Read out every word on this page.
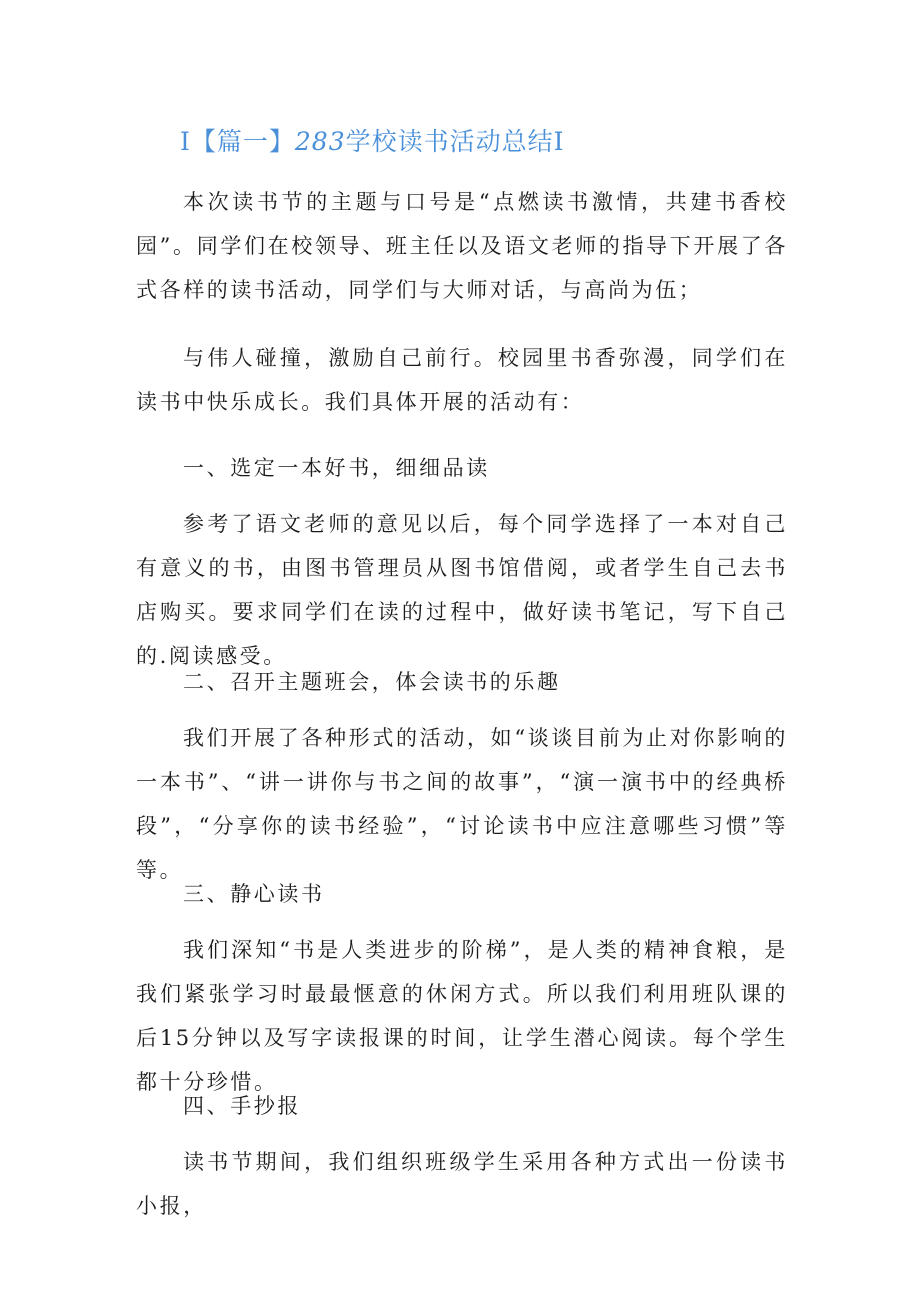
I【篇一】283学校读书活动总结I

本次读书节的主题与口号是“点燃读书激情，共建书香校园”。同学们在校领导、班主任以及语文老师的指导下开展了各式各样的读书活动，同学们与大师对话，与高尚为伍；

与伟人碰撞，激励自己前行。校园里书香弥漫，同学们在读书中快乐成长。我们具体开展的活动有：

一、选定一本好书，细细品读

参考了语文老师的意见以后，每个同学选择了一本对自己有意义的书，由图书管理员从图书馆借阅，或者学生自己去书店购买。要求同学们在读的过程中，做好读书笔记，写下自己的.阅读感受。

二、召开主题班会，体会读书的乐趣

我们开展了各种形式的活动，如“谈谈目前为止对你影响的一本书”、“讲一讲你与书之间的故事”，“演一演书中的经典桥段”，“分享你的读书经验”，“讨论读书中应注意哪些习惯”等等。

三、静心读书

我们深知“书是人类进步的阶梯”，是人类的精神食粮，是我们紧张学习时最最惬意的休闲方式。所以我们利用班队课的后15分钟以及写字读报课的时间，让学生潜心阅读。每个学生都十分珍惜。

四、手抄报

读书节期间，我们组织班级学生采用各种方式出一份读书小报，
